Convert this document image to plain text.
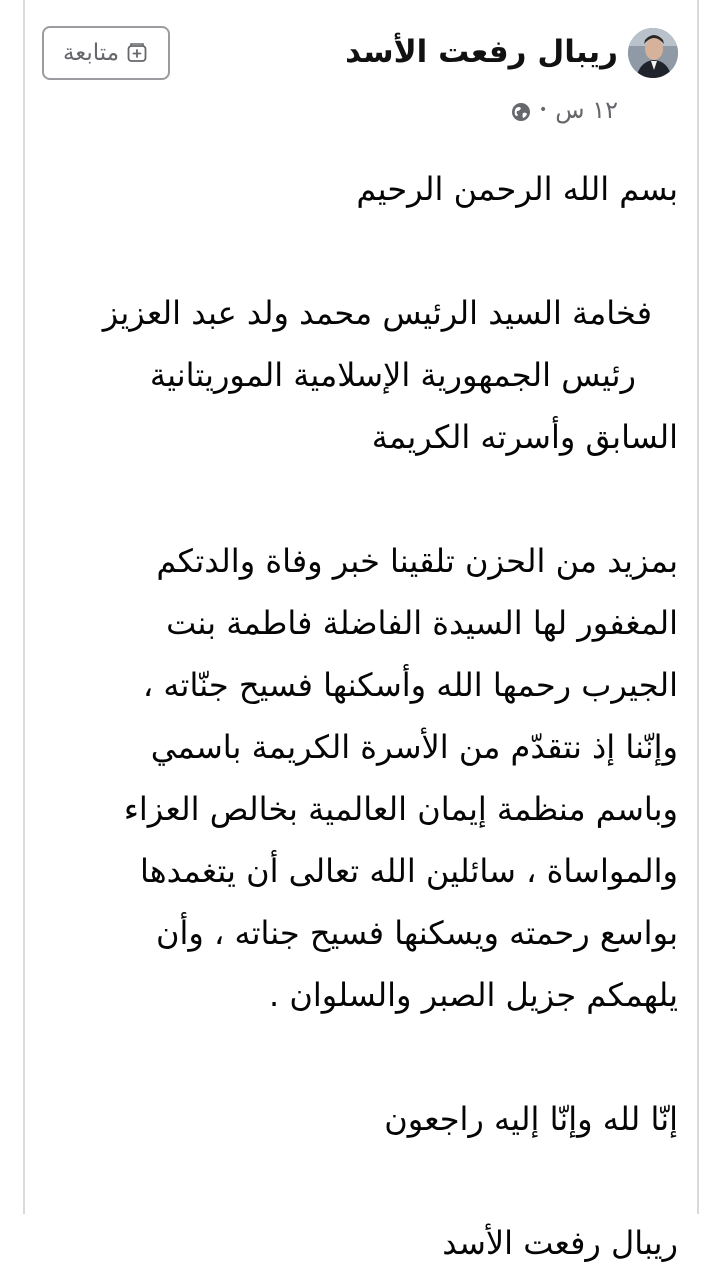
ريبال رفعت الأسد
١٢ س
•
متابعة

بسم الله الرحمن الرحيم

فخامة السيد الرئيس محمد ولد عبد العزيز

رئيس الجمهورية الإسلامية الموريتانية

السابق وأسرته الكريمة

بمزيد من الحزن تلقينا خبر وفاة والدتكم

المغفور لها السيدة الفاضلة فاطمة بنت

الجيرب رحمها الله وأسكنها فسيح جنّاته ،

وإنّنا إذ نتقدّم من الأسرة الكريمة باسمي

وباسم منظمة إيمان العالمية بخالص العزاء

والمواساة ، سائلين الله تعالى أن يتغمدها

بواسع رحمته ويسكنها فسيح جناته ، وأن

يلهمكم جزيل الصبر والسلوان .

إنّا لله وإنّا إليه راجعون

ريبال رفعت الأسد
